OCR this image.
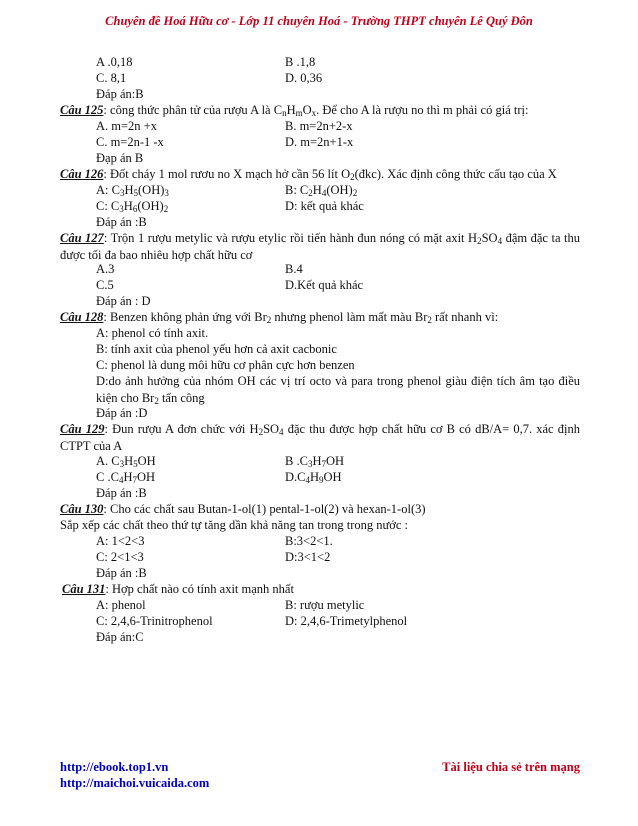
Chuyên đề Hoá Hữu cơ - Lớp 11 chuyên Hoá - Trường THPT chuyên Lê Quý Đôn
A .0,18	B .1,8
C. 8,1	D. 0,36
Đáp án:B
Câu 125: công thức phân tử của rượu A là $C_nH_mO_x$. Để cho A là rượu no thì m phải có giá trị:
A. m=2n +x	B. m=2n+2-x
C. m=2n-1 -x	D. m=2n+1-x
Đạp án B
Câu 126: Đốt cháy 1 mol rươu no X mạch hở cần 56 lít $O_2(đkc)$. Xác định công thức cấu tạo của X
A: $C_3H_5(OH)_3$	B: $C_2H_4(OH)_2$
C: $C_3H_6(OH)_2$	D: kết quả khác
Đáp án :B
Câu 127: Trộn 1 rượu metylic và rượu etylic rồi tiến hành đun nóng có mặt axit $H_2SO_4$ đậm đặc ta thu được tối đa bao nhiêu hợp chất hữu cơ
A.3	B.4
C.5	D.Kết quả khác
Đáp án : D
Câu 128: Benzen không phản ứng với $Br_2$ nhưng phenol làm mất màu $Br_2$ rất nhanh vì:
A: phenol có tính axit.
B: tính axit của phenol yếu hơn cả axit cacbonic
C: phenol là dung môi hữu cơ phân cực hơn benzen
D:do ảnh hưởng của nhóm OH các vị trí octo và para trong phenol giàu điện tích âm tạo điều kiện cho $Br_2$ tấn công
Đáp án :D
Câu 129: Đun rượu A đơn chức với $H_2SO_4$ đặc thu được hợp chất hữu cơ B có dB/A= 0,7. xác định CTPT của A
A. $C_3H_5OH$	B $.C_3H_7OH$
C $.C_4H_7OH$	$D.C_4H_9OH$
Đáp án :B
Câu 130: Cho các chất sau Butan-1-ol(1) pental-1-ol(2) và hexan-1-ol(3)
Sắp xếp các chất theo thứ tự tăng dần khả năng tan trong trong nước :
A: 1<2<3	B:3<2<1.
C: 2<1<3	D:3<1<2
Đáp án :B
Câu 131: Hợp chất nào có tính axit mạnh nhất
A: phenol	B: rượu metylic
C: 2,4,6-Trinitrophenol	D: 2,4,6-Trimetylphenol
Đáp án:C
http://ebook.top1.vn
http://maichoi.vuicaida.com
Tài liệu chia sẻ trên mạng
